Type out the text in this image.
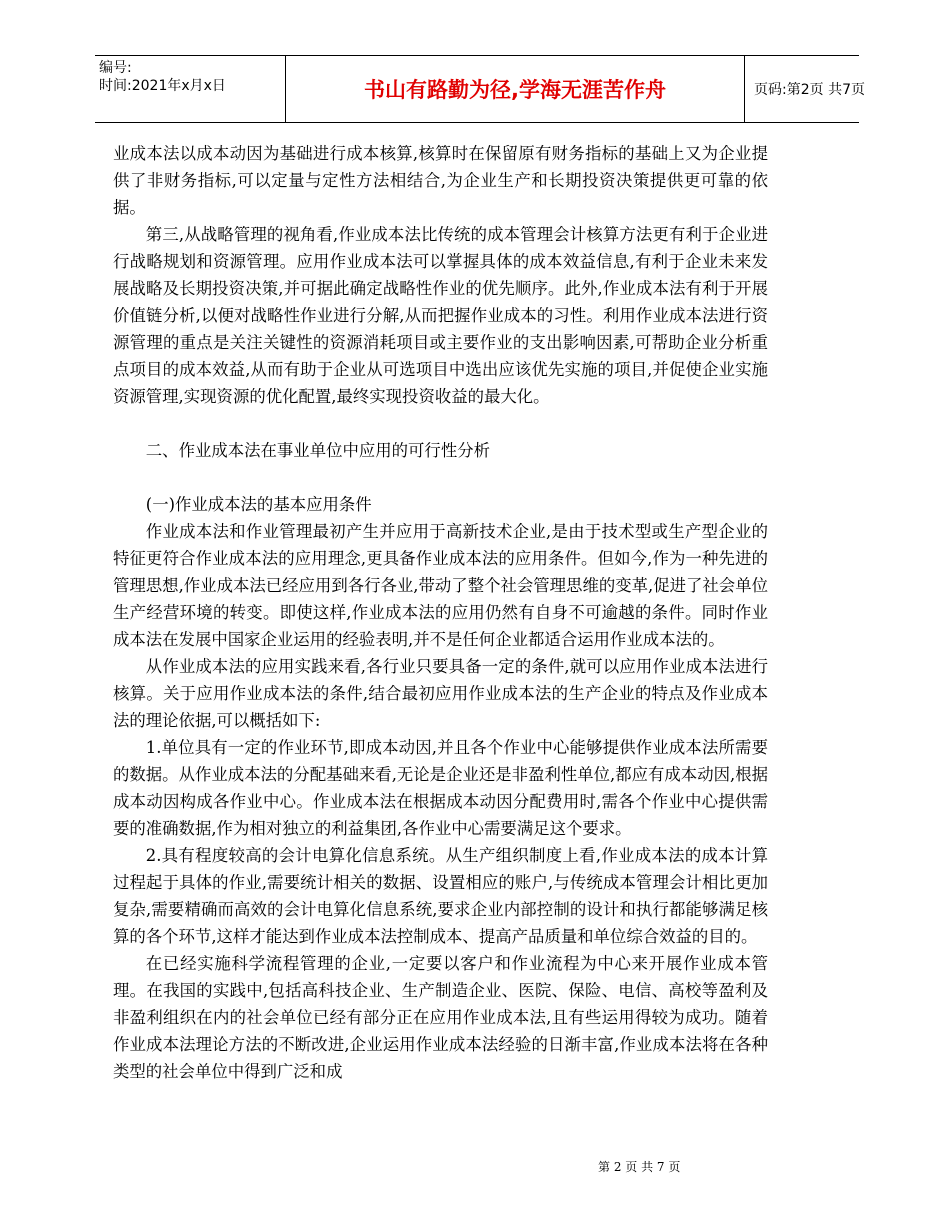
编号:
时间:2021年x月x日	书山有路勤为径,学海无涯苦作舟	页码:第2页 共7页

业成本法以成本动因为基础进行成本核算,核算时在保留原有财务指标的基础上又为企业提供了非财务指标,可以定量与定性方法相结合,为企业生产和长期投资决策提供更可靠的依据。

第三,从战略管理的视角看,作业成本法比传统的成本管理会计核算方法更有利于企业进行战略规划和资源管理。应用作业成本法可以掌握具体的成本效益信息,有利于企业未来发展战略及长期投资决策,并可据此确定战略性作业的优先顺序。此外,作业成本法有利于开展价值链分析,以便对战略性作业进行分解,从而把握作业成本的习性。利用作业成本法进行资源管理的重点是关注关键性的资源消耗项目或主要作业的支出影响因素,可帮助企业分析重点项目的成本效益,从而有助于企业从可选项目中选出应该优先实施的项目,并促使企业实施资源管理,实现资源的优化配置,最终实现投资收益的最大化。

二、作业成本法在事业单位中应用的可行性分析

(一)作业成本法的基本应用条件

作业成本法和作业管理最初产生并应用于高新技术企业,是由于技术型或生产型企业的特征更符合作业成本法的应用理念,更具备作业成本法的应用条件。但如今,作为一种先进的管理思想,作业成本法已经应用到各行各业,带动了整个社会管理思维的变革,促进了社会单位生产经营环境的转变。即使这样,作业成本法的应用仍然有自身不可逾越的条件。同时作业成本法在发展中国家企业运用的经验表明,并不是任何企业都适合运用作业成本法的。

从作业成本法的应用实践来看,各行业只要具备一定的条件,就可以应用作业成本法进行核算。关于应用作业成本法的条件,结合最初应用作业成本法的生产企业的特点及作业成本法的理论依据,可以概括如下:

1.单位具有一定的作业环节,即成本动因,并且各个作业中心能够提供作业成本法所需要的数据。从作业成本法的分配基础来看,无论是企业还是非盈利性单位,都应有成本动因,根据成本动因构成各作业中心。作业成本法在根据成本动因分配费用时,需各个作业中心提供需要的准确数据,作为相对独立的利益集团,各作业中心需要满足这个要求。

2.具有程度较高的会计电算化信息系统。从生产组织制度上看,作业成本法的成本计算过程起于具体的作业,需要统计相关的数据、设置相应的账户,与传统成本管理会计相比更加复杂,需要精确而高效的会计电算化信息系统,要求企业内部控制的设计和执行都能够满足核算的各个环节,这样才能达到作业成本法控制成本、提高产品质量和单位综合效益的目的。

在已经实施科学流程管理的企业,一定要以客户和作业流程为中心来开展作业成本管理。在我国的实践中,包括高科技企业、生产制造企业、医院、保险、电信、高校等盈利及非盈利组织在内的社会单位已经有部分正在应用作业成本法,且有些运用得较为成功。随着作业成本法理论方法的不断改进,企业运用作业成本法经验的日渐丰富,作业成本法将在各种类型的社会单位中得到广泛和成

第 2 页 共 7 页
